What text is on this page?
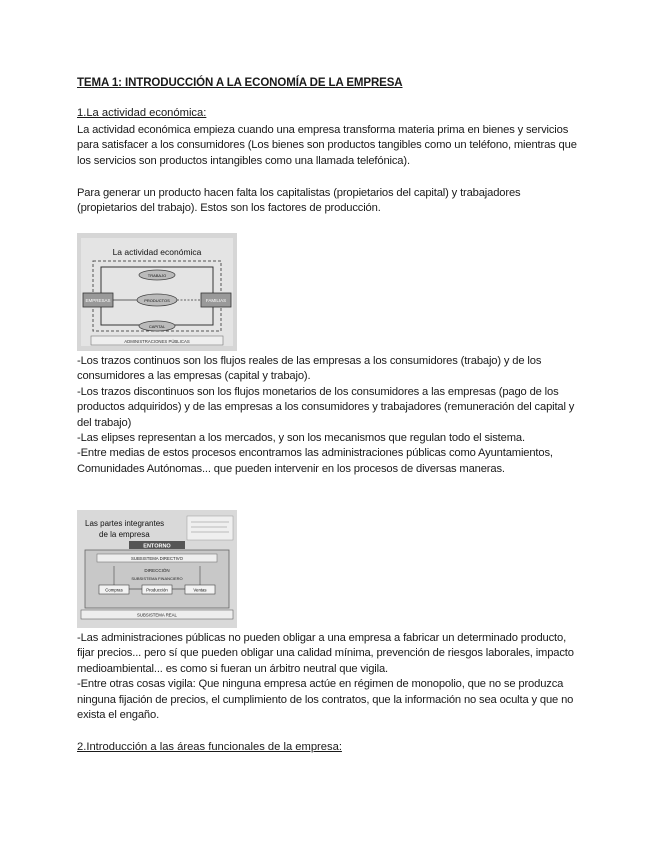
TEMA 1: INTRODUCCIÓN A LA ECONOMÍA DE LA EMPRESA
1.La actividad económica:
La actividad económica empieza cuando una empresa transforma materia prima en bienes y servicios para satisfacer a los consumidores (Los bienes son productos tangibles como un teléfono, mientras que los servicios son productos intangibles como una llamada telefónica).
Para generar un producto hacen falta los capitalistas (propietarios del capital) y trabajadores (propietarios del trabajo). Estos son los factores de producción.
La actividad económica
TRABAJO
PRODUCTOS
CAPITAL
EMPRESAS	FAMILIAS
ADMINISTRACIONES PÚBLICAS

-Los trazos continuos son los flujos reales de las empresas a los consumidores (trabajo) y de los consumidores a las empresas (capital y trabajo).

-Los trazos discontinuos son los flujos monetarios de los consumidores a las empresas (pago de los productos adquiridos) y de las empresas a los consumidores y trabajadores (remuneración del capital y del trabajo)

-Las elipses representan a los mercados, y son los mecanismos que regulan todo el sistema.

-Entre medias de estos procesos encontramos las administraciones públicas como Ayuntamientos, Comunidades Autónomas... que pueden intervenir en los procesos de diversas maneras.

Las partes integrantes
de la empresa
ENTORNO
SUBSISTEMA DIRECTIVO
DIRECCIÓN
SUBSISTEMA FINANCIERO
Compras	Producción	Ventas
SUBSISTEMA REAL

-Las administraciones públicas no pueden obligar a una empresa a fabricar un determinado producto, fijar precios... pero sí que pueden obligar una calidad mínima, prevención de riesgos laborales, impacto medioambiental... es como si fueran un árbitro neutral que vigila.

-Entre otras cosas vigila: Que ninguna empresa actúe en régimen de monopolio, que no se produzca ninguna fijación de precios, el cumplimiento de los contratos, que la información no sea oculta y que no exista el engaño.

2.Introducción a las áreas funcionales de la empresa:
